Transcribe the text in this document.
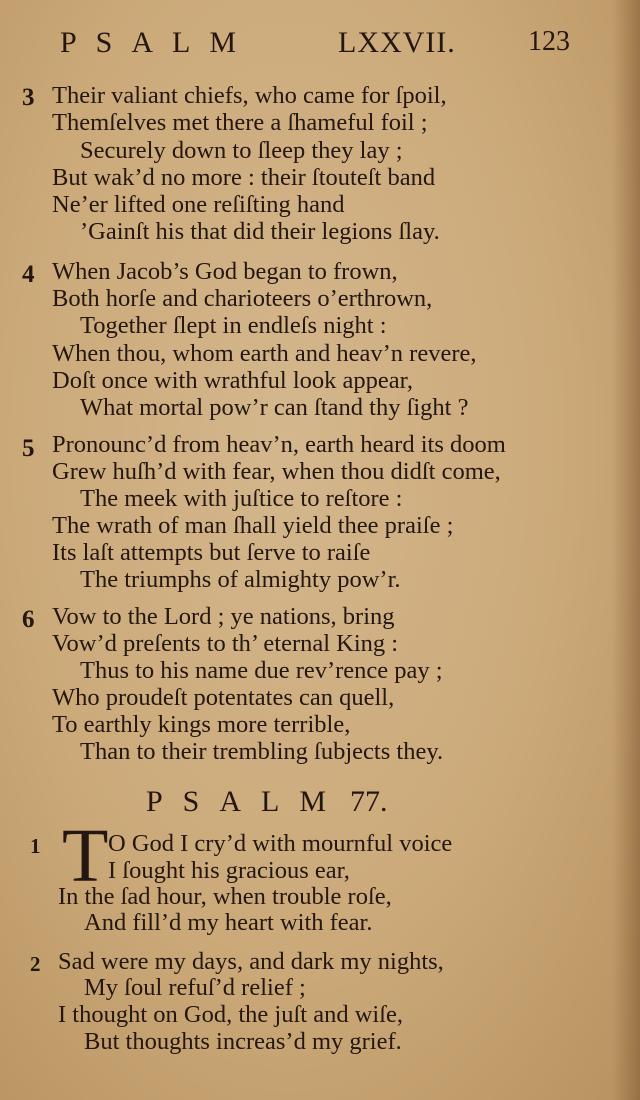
PSALM	LXXVII.	123
3 Their valiant chiefs, who came for ſpoil,
Themſelves met there a ſhameful foil ;
Securely down to ſleep they lay ;
But wak’d no more : their ſtouteſt band
Ne’er lifted one reſiſting hand
’Gainſt his that did their legions ſlay.
4 When Jacob’s God began to frown,
Both horſe and charioteers o’erthrown,
Together ſlept in endleſs night :
When thou, whom earth and heav’n revere,
Doſt once with wrathful look appear,
What mortal pow’r can ſtand thy ſight ?
5 Pronounc’d from heav’n, earth heard its doom
Grew huſh’d with fear, when thou didſt come,
The meek with juſtice to reſtore :
The wrath of man ſhall yield thee praiſe ;
Its laſt attempts but ſerve to raiſe
The triumphs of almighty pow’r.
6 Vow to the Lord ; ye nations, bring
Vow’d preſents to th’ eternal King :
Thus to his name due rev’rence pay ;
Who proudeſt potentates can quell,
To earthly kings more terrible,
Than to their trembling ſubjects they.
PSALM 77.
1 T O God I cry’d with mournful voice
I ſought his gracious ear,
In the ſad hour, when trouble roſe,
And fill’d my heart with fear.
2 Sad were my days, and dark my nights,
My ſoul refuſ’d relief ;
I thought on God, the juſt and wiſe,
But thoughts increas’d my grief.
